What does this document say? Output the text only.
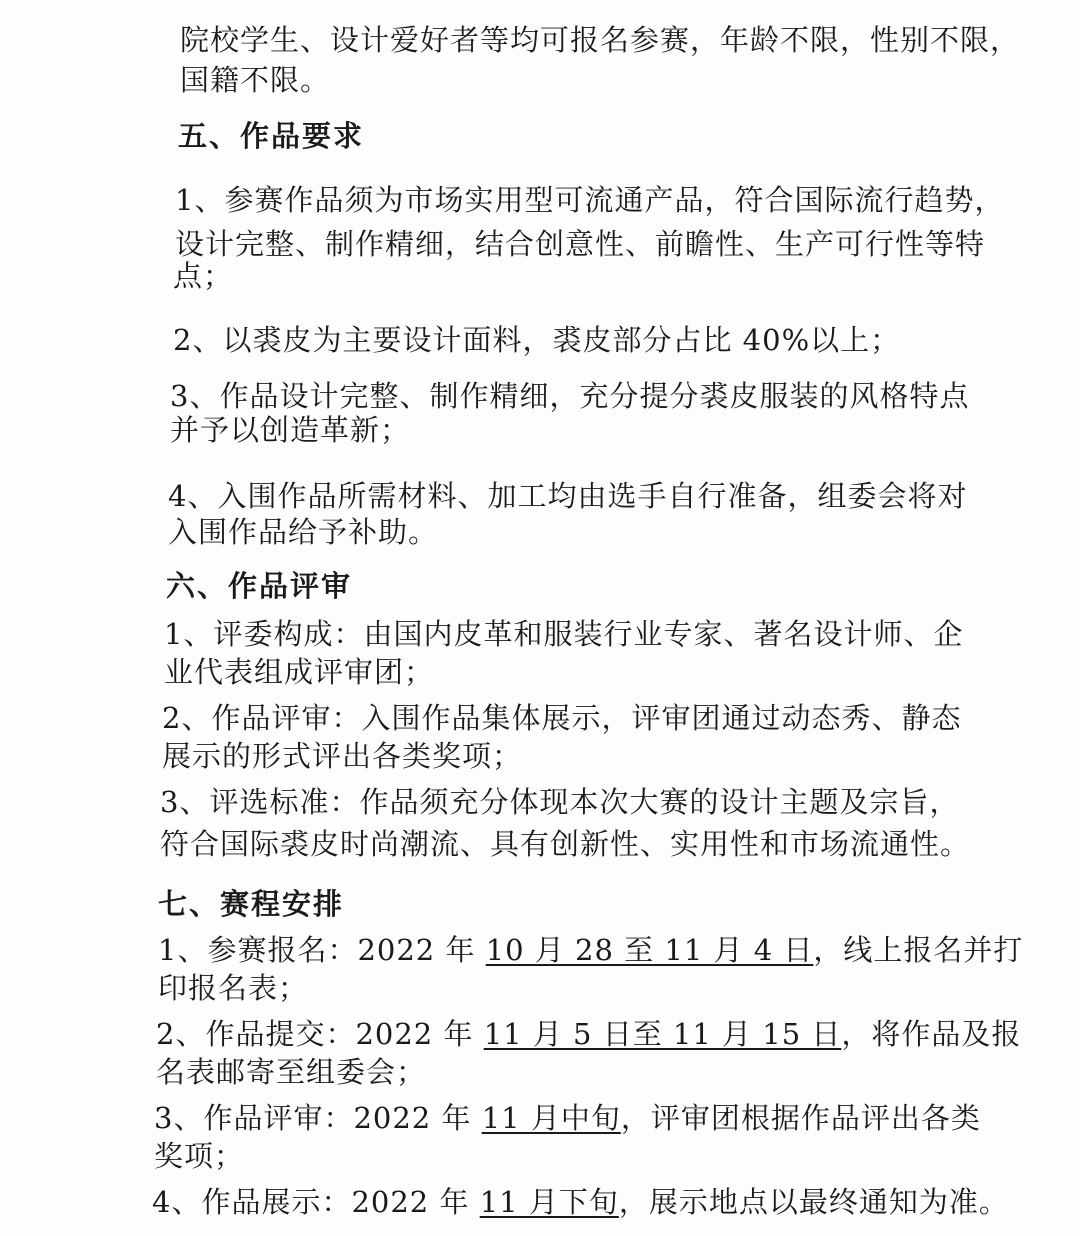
院校学生、设计爱好者等均可报名参赛，年龄不限，性别不限，
国籍不限。
五、作品要求
1、参赛作品须为市场实用型可流通产品，符合国际流行趋势，
设计完整、制作精细，结合创意性、前瞻性、生产可行性等特
点；
2、以裘皮为主要设计面料，裘皮部分占比 40%以上；
3、作品设计完整、制作精细，充分提分裘皮服装的风格特点
并予以创造革新；
4、入围作品所需材料、加工均由选手自行准备，组委会将对
入围作品给予补助。
六、作品评审
1、评委构成：由国内皮革和服装行业专家、著名设计师、企
业代表组成评审团；
2、作品评审：入围作品集体展示，评审团通过动态秀、静态
展示的形式评出各类奖项；
3、评选标准：作品须充分体现本次大赛的设计主题及宗旨，
符合国际裘皮时尚潮流、具有创新性、实用性和市场流通性。
七、赛程安排
1、参赛报名：2022 年 10 月 28 至 11 月 4 日，线上报名并打
印报名表；
2、作品提交：2022 年 11 月 5 日至 11 月 15 日，将作品及报
名表邮寄至组委会；
3、作品评审：2022 年 11 月中旬，评审团根据作品评出各类
奖项；
4、作品展示：2022 年 11 月下旬，展示地点以最终通知为准。
